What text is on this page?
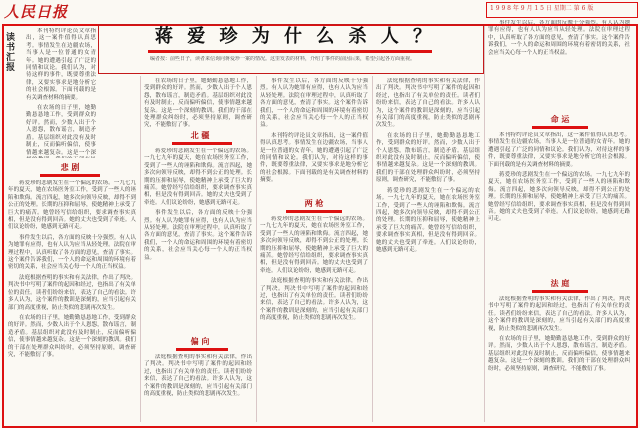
人民日报	1 9 9 8 年 9 月 1 5 日 星期二 第 6 版
读
书
汇
报
蒋 爱 珍 为 什 么 杀 人 ？
编者按：前些日子，读者来信询问蒋爱珍一案的情况。这里发表的材料，介绍了事件的前因后果，希望引起各方面重视。

本刊特约评论员文章指出，这一案件值得认真思考。事情发生在边疆农场，当事人是一位普通的女青年。她的遭遇引起了广泛的同情和议论。我们认为，对待这样的事件，既要尊重法律，又要实事求是地分析它的社会根源。下面刊载的是有关调查材料的摘要。

在农场的日子里，她勤勤恳恳地工作，受到群众的好评。然而，少数人出于个人恩怨，散布谣言，制造矛盾。基层组织对此没有及时制止，反而偏听偏信，使事情越来越复杂。这是一个深

悲 剧

蒋爱珍的悲剧发生在一个偏远的农场。一九七九年的夏天，她在农场医务室工作，受到了一些人的诬陷和欺侮。流言四起，她多次向领导反映，却得不到公正的处理。长期的压抑和屈辱，使她精神上承受了巨大的痛苦。她曾经写信给组织，要求调查事实真相，但是没有得到回音。她的丈夫也受到了牵连。人们议论纷纷，她感到无路可走。

事件发生以后，各方面的反映十分强烈。有人认为她罪有应得，也有人认为应当从轻处理。法院在审理过程中，认真听取了各方面的意见，查清了事实。这个案件告诉我们，一个人的命运和周围的环境有着密切的关系，社会应当关心每一个人的正当权益。

法庭根据查明的事实和有关法律，作出了判决。判决书中写明了案件的起因和经过，也指出了有关单位的责任。读者们纷纷来信，表达了自己的看法。许多人认为，这个案件的教训是深刻的，应当引起有关部门的高度重视，防止类似的悲剧再次发生。

在农场的日子里，她勤勤恳恳地工作，受到群众的好评。然而，少数人出于个人恩怨，散布谣言，制造矛盾。基层组织对此没有及时制止，反而偏听偏信，使事情越来越复杂。这是一个深刻的教训。我们的干部在处理群众纠纷时，必须坚持原则，调查研究，不能敷衍了事。

在农场的日子里，她勤勤恳恳地工作，受到群众的好评。然而，少数人出于个人恩怨，散布谣言，制造矛盾。基层组织对此没有及时制止，反而偏听偏信，使事情越来越复杂。这是一个深刻的教训。我们的干部在处理群众纠纷时，必须坚持原则，调查研究，不能敷衍了事。

北 疆

蒋爱珍的悲剧发生在一个偏远的农场。一九七九年的夏天，她在农场医务室工作，受到了一些人的诬陷和欺侮。流言四起，她多次向领导反映，却得不到公正的处理。长期的压抑和屈辱，使她精神上承受了巨大的痛苦。她曾经写信给组织，要求调查事实真相，但是没有得到回音。她的丈夫也受到了牵连。人们议论纷纷，她感到无路可走。

事件发生以后，各方面的反映十分强烈。有人认为她罪有应得，也有人认为应当从轻处理。法院在审理过程中，认真听取了各方面的意见，查清了事实。这个案件告诉我们，一个人的命运和周围的环境有着密切的关系，社会应当关心每一个人的正当权益。

偏 向

法庭根据查明的事实和有关法律，作出了判决。判决书中写明了案件的起因和经过，也指出了有关单位的责任。读者们纷纷来信，表达了自己的看法。许多人认为，这个案件的教训是深刻的，应当引起有关部门的高度重视，防止类似的悲剧再次发生。

事件发生以后，各方面的反映十分强烈。有人认为她罪有应得，也有人认为应当从轻处理。法院在审理过程中，认真听取了各方面的意见，查清了事实。这个案件告诉我们，一个人的命运和周围的环境有着密切的关系，社会应当关心每一个人的正当权益。

本刊特约评论员文章指出，这一案件值得认真思考。事情发生在边疆农场，当事人是一位普通的女青年。她的遭遇引起了广泛的同情和议论。我们认为，对待这样的事件，既要尊重法律，又要实事求是地分析它的社会根源。下面刊载的是有关调查材料的摘要。

两 枪

蒋爱珍的悲剧发生在一个偏远的农场。一九七九年的夏天，她在农场医务室工作，受到了一些人的诬陷和欺侮。流言四起，她多次向领导反映，却得不到公正的处理。长期的压抑和屈辱，使她精神上承受了巨大的痛苦。她曾经写信给组织，要求调查事实真相，但是没有得到回音。她的丈夫也受到了牵连。人们议论纷纷，她感到无路可走。

法庭根据查明的事实和有关法律，作出了判决。判决书中写明了案件的起因和经过，也指出了有关单位的责任。读者们纷纷来信，表达了自己的看法。许多人认为，这个案件的教训是深刻的，应当引起有关部门的高度重视，防止类似的悲剧再次发生。

法庭根据查明的事实和有关法律，作出了判决。判决书中写明了案件的起因和经过，也指出了有关单位的责任。读者们纷纷来信，表达了自己的看法。许多人认为，这个案件的教训是深刻的，应当引起有关部门的高度重视，防止类似的悲剧再次发生。

在农场的日子里，她勤勤恳恳地工作，受到群众的好评。然而，少数人出于个人恩怨，散布谣言，制造矛盾。基层组织对此没有及时制止，反而偏听偏信，使事情越来越复杂。这是一个深刻的教训。我们的干部在处理群众纠纷时，必须坚持原则，调查研究，不能敷衍了事。

蒋爱珍的悲剧发生在一个偏远的农场。一九七九年的夏天，她在农场医务室工作，受到了一些人的诬陷和欺侮。流言四起，她多次向领导反映，却得不到公正的处理。长期的压抑和屈辱，使她精神上承受了巨大的痛苦。她曾经写信给组织，要求调查事实真相，但是没有得到回音。她的丈夫也受到了牵连。人们议论纷纷，她感到无路可走。

事件发生以后，各方面的反映十分强烈。有人认为她罪有应得，也有人认为应当从轻处理。法院在审理过程中，认真听取了各方面的意见，查清了事实。这个案件告诉我们，一个人的命运和周围的环境有着密切的关系，社会应当关心每一个人的正当权益。

命 运

本刊特约评论员文章指出，这一案件值得认真思考。事情发生在边疆农场，当事人是一位普通的女青年。她的遭遇引起了广泛的同情和议论。我们认为，对待这样的事件，既要尊重法律，又要实事求是地分析它的社会根源。下面刊载的是有关调查材料的摘要。

蒋爱珍的悲剧发生在一个偏远的农场。一九七九年的夏天，她在农场医务室工作，受到了一些人的诬陷和欺侮。流言四起，她多次向领导反映，却得不到公正的处理。长期的压抑和屈辱，使她精神上承受了巨大的痛苦。她曾经写信给组织，要求调查事实真相，但是没有得到回音。她的丈夫也受到了牵连。人们议论纷纷，她感到无路可走。

法 庭

法庭根据查明的事实和有关法律，作出了判决。判决书中写明了案件的起因和经过，也指出了有关单位的责任。读者们纷纷来信，表达了自己的看法。许多人认为，这个案件的教训是深刻的，应当引起有关部门的高度重视，防止类似的悲剧再次发生。

在农场的日子里，她勤勤恳恳地工作，受到群众的好评。然而，少数人出于个人恩怨，散布谣言，制造矛盾。基层组织对此没有及时制止，反而偏听偏信，使事情越来越复杂。这是一个深刻的教训。我们的干部在处理群众纠纷时，必须坚持原则，调查研究，不能敷衍了事。
